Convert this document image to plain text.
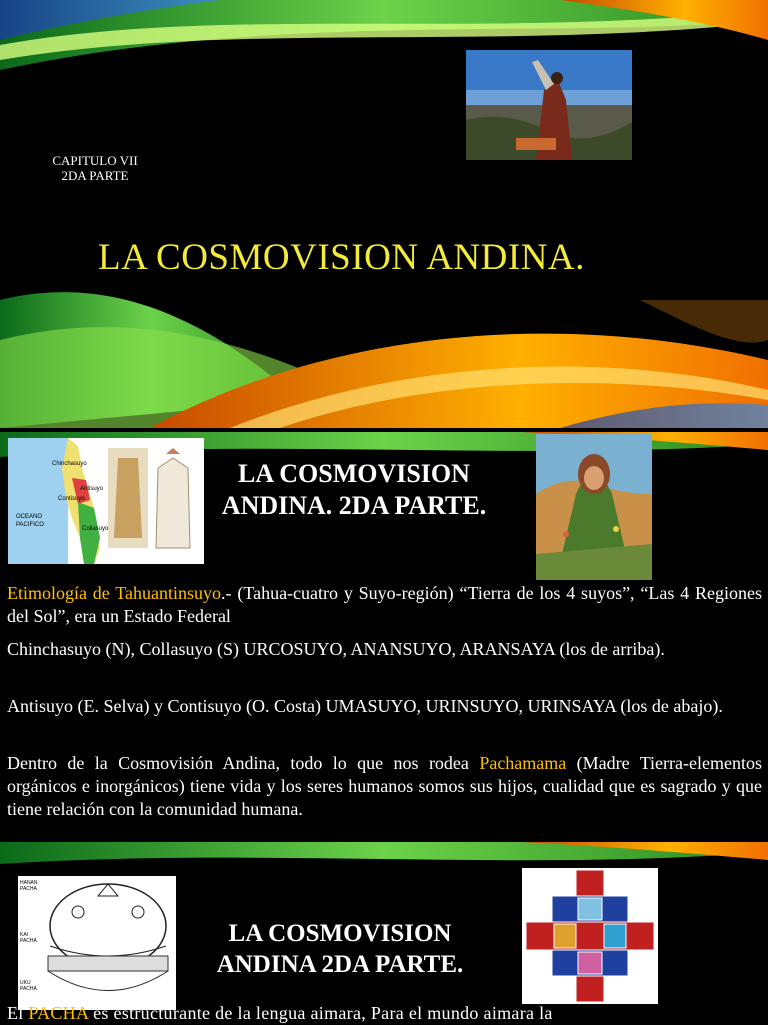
CAPITULO VII
2DA PARTE
LA COSMOVISION ANDINA.
Chinchasuyo
Antisuyo
Contisuyo
Collasuyo
OCEANO
PACIFICO
LA COSMOVISION ANDINA. 2DA PARTE.
Etimología de Tahuantinsuyo.- (Tahua-cuatro y Suyo-región) “Tierra de los 4 suyos”, “Las 4 Regiones del Sol”, era un Estado Federal
Chinchasuyo (N), Collasuyo (S) URCOSUYO, ANANSUYO, ARANSAYA (los de arriba).
Antisuyo (E. Selva) y Contisuyo (O. Costa) UMASUYO, URINSUYO, URINSAYA (los de abajo).
Dentro de la Cosmovisión Andina, todo lo que nos rodea Pachamama (Madre Tierra-elementos orgánicos e inorgánicos) tiene vida y los seres humanos somos sus hijos, cualidad que es sagrado y que tiene relación con la comunidad humana.
HANAN PACHA
KAI PACHA
UKU PACHA
LA COSMOVISION ANDINA 2DA PARTE.
El PACHA es estructurante de la lengua aimara, Para el mundo aimara la
